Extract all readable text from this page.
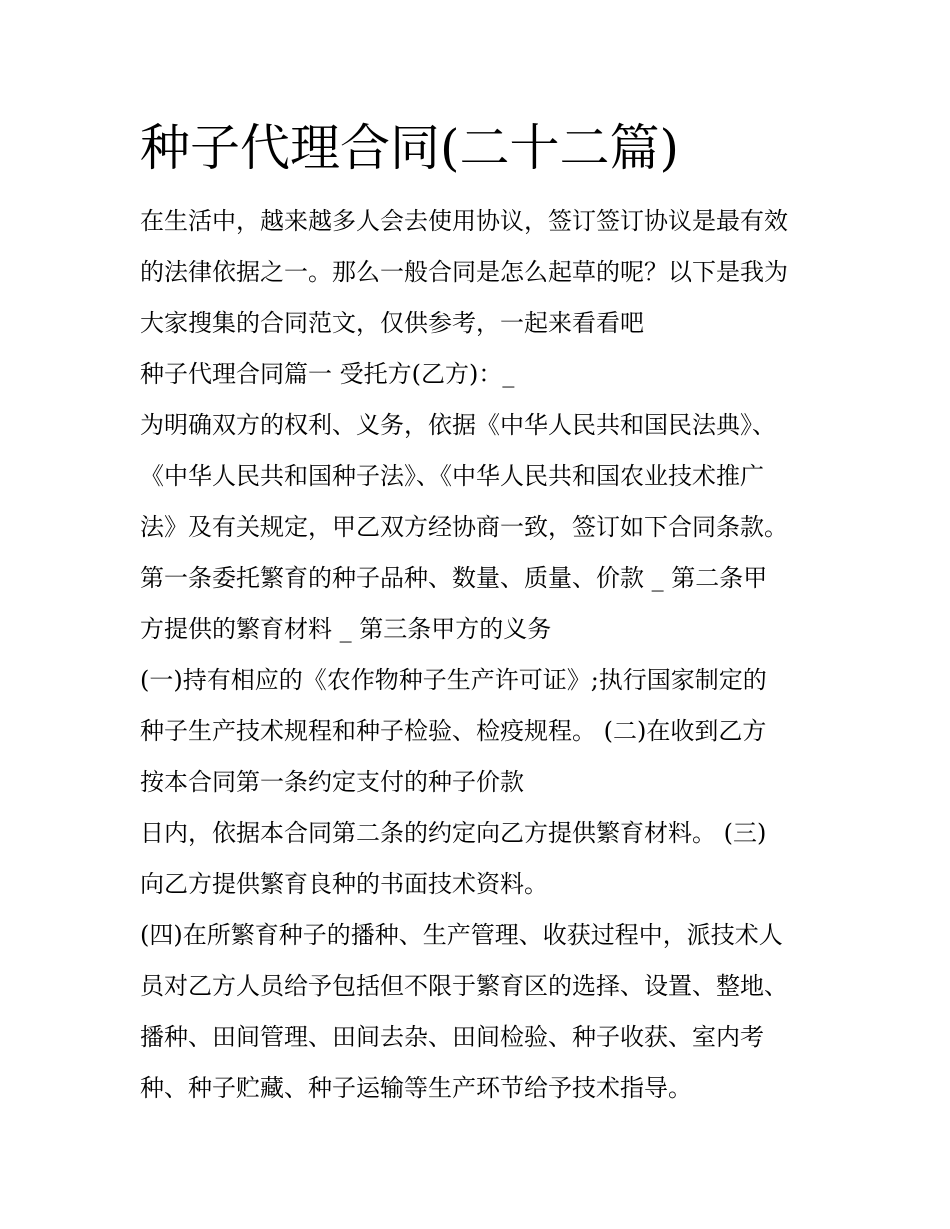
种子代理合同(二十二篇)
在生活中，越来越多人会去使用协议，签订签订协议是最有效
的法律依据之一。那么一般合同是怎么起草的呢？以下是我为
大家搜集的合同范文，仅供参考，一起来看看吧
种子代理合同篇一 受托方(乙方)：_
为明确双方的权利、义务，依据《中华人民共和国民法典》、
《中华人民共和国种子法》、《中华人民共和国农业技术推广
法》及有关规定，甲乙双方经协商一致，签订如下合同条款。
第一条委托繁育的种子品种、数量、质量、价款 _ 第二条甲
方提供的繁育材料 _ 第三条甲方的义务
(一)持有相应的《农作物种子生产许可证》;执行国家制定的
种子生产技术规程和种子检验、检疫规程。 (二)在收到乙方
按本合同第一条约定支付的种子价款
日内，依据本合同第二条的约定向乙方提供繁育材料。 (三)
向乙方提供繁育良种的书面技术资料。
(四)在所繁育种子的播种、生产管理、收获过程中，派技术人
员对乙方人员给予包括但不限于繁育区的选择、设置、整地、
播种、田间管理、田间去杂、田间检验、种子收获、室内考
种、种子贮藏、种子运输等生产环节给予技术指导。
